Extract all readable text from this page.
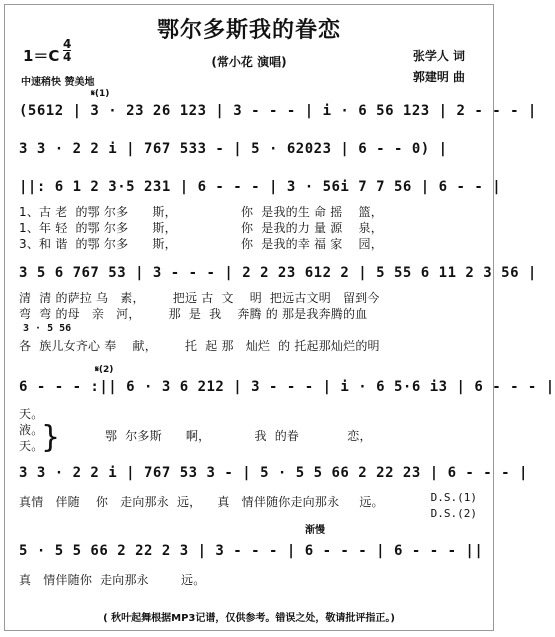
鄂尔多斯我的眷恋
(常小花 演唱)
1＝C
4
4
中速稍快 赞美地
张学人 词
郭建明 曲
𝄋(1)
(5612 | 3 · 23 26 123 | 3 - - - | i · 6 56 123 | 2 - - - |
3 3 · 2 2 i | 767 533 - | 5 · 62023 | 6 - - 0) |
||: 6 1 2 3·5 231 | 6 - - - | 3 · 56i 7 7 56 | 6 - - |
1、古 老  的鄂 尔多      斯，                你  是我的生 命 摇    篮，
1、年 轻  的鄂 尔多      斯，                你  是我的力 量 源    泉，
3、和 谐  的鄂 尔多      斯，                你  是我的幸 福 家    园，
3 5 6 767 53 | 3 - - - | 2 2 23 612 2 | 5 55 6 11 2 3 56 |
清  清 的萨拉 乌   素，       把远 古  文    明  把远古文明   留到今
弯  弯 的母   亲   河，       那  是  我    奔腾 的 那是我奔腾的血
3 · 5 56
各  族儿女齐心 奉    献，       托  起 那   灿烂  的 托起那灿烂的明
𝄋(2)
6 - - - :|| 6 · 3 6 212 | 3 - - - | i · 6 5·6 i3 | 6 - - - |
天。
液。
天。
}	鄂  尔多斯      啊，           我  的眷            恋，
3 3 · 2 2 i | 767 53 3 - | 5 · 5 5 66 2 22 23 | 6 - - - |
真情   伴随    你   走向那永  远，    真   情伴随你走向那永     远。	D.S.(1)
D.S.(2)
渐慢
5 · 5 5 66 2 22 2 3 | 3 - - - | 6 - - - | 6 - - - ||
真   情伴随你  走向那永        远。
( 秋叶起舞根据MP3记谱，仅供参考。错误之处，敬请批评指正。)
